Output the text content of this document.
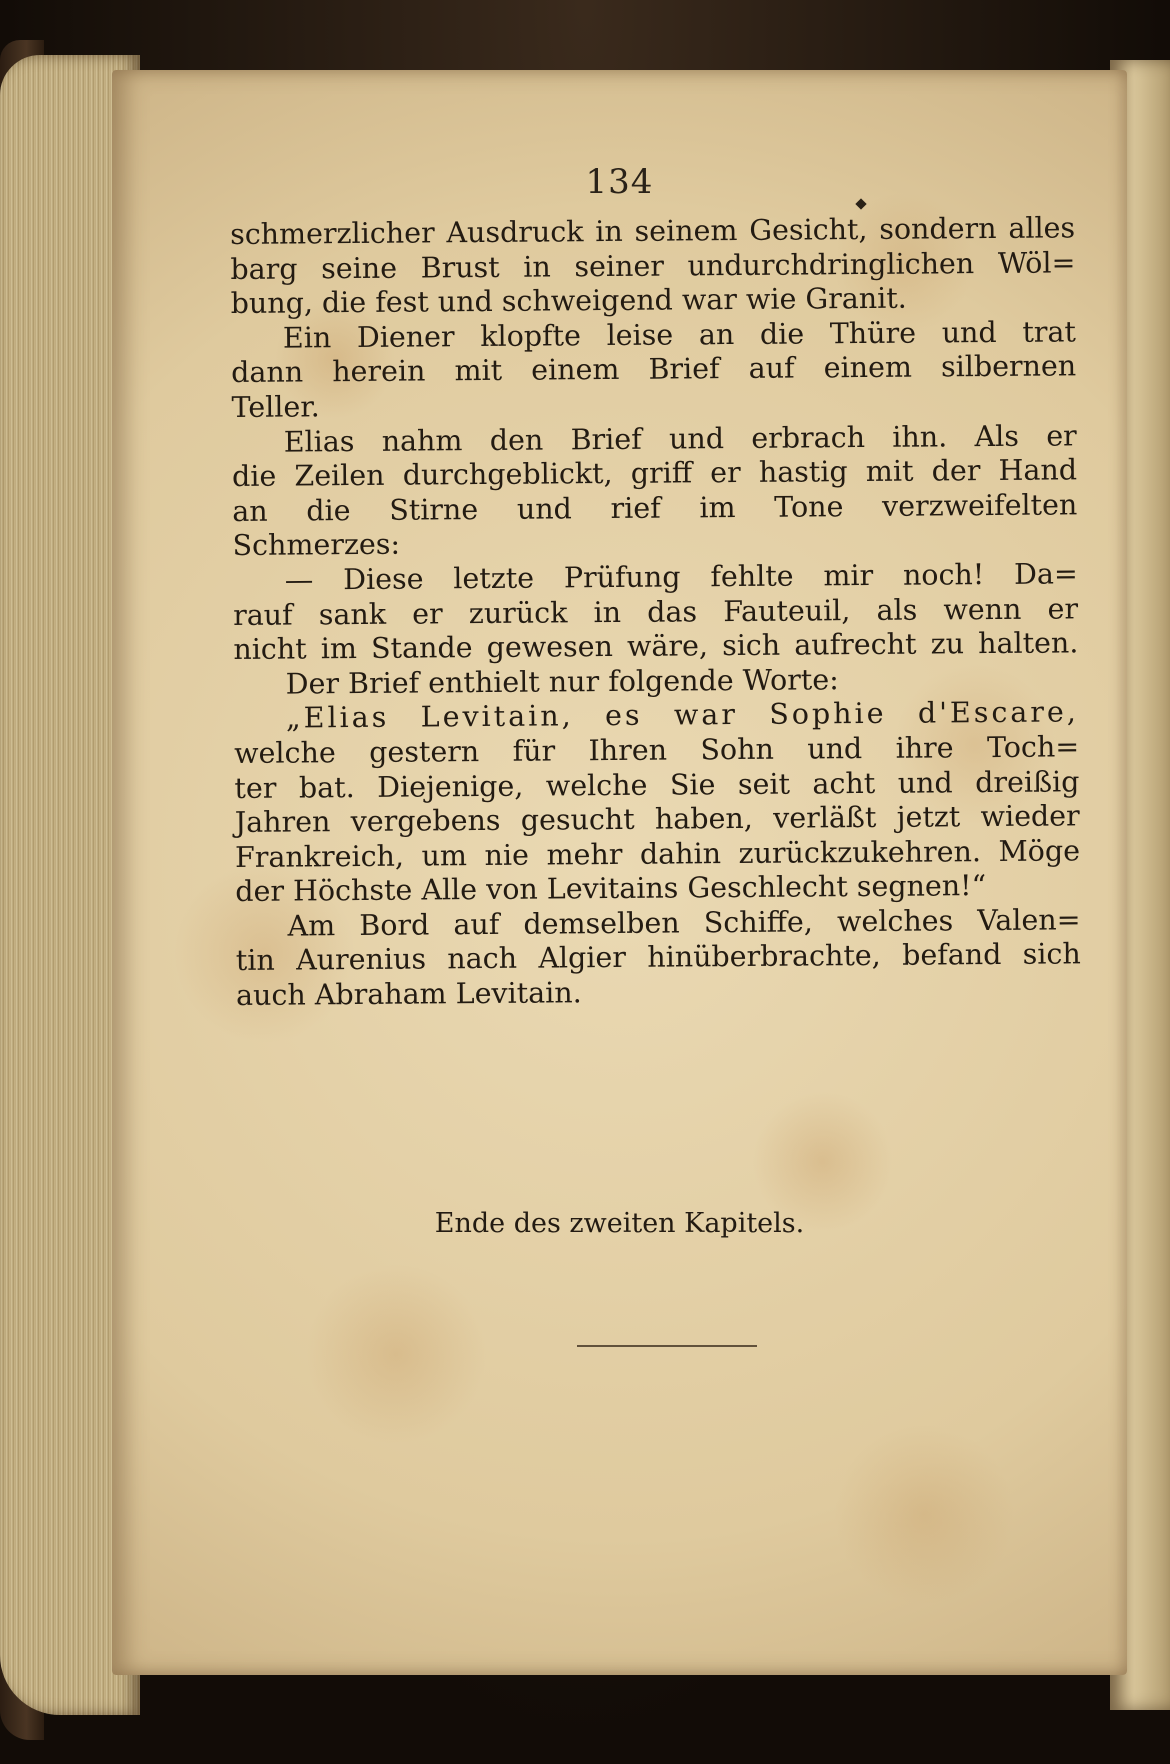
134
schmerzlicher Ausdruck in seinem Gesicht, sondern alles
barg seine Brust in seiner undurchdringlichen Wöl=
bung, die fest und schweigend war wie Granit.
Ein Diener klopfte leise an die Thüre und trat
dann herein mit einem Brief auf einem silbernen
Teller.
Elias nahm den Brief und erbrach ihn. Als er
die Zeilen durchgeblickt, griff er hastig mit der Hand
an die Stirne und rief im Tone verzweifelten
Schmerzes:
— Diese letzte Prüfung fehlte mir noch! Da=
rauf sank er zurück in das Fauteuil, als wenn er
nicht im Stande gewesen wäre, sich aufrecht zu halten.
Der Brief enthielt nur folgende Worte:
„Elias Levitain, es war Sophie d'Escare,
welche gestern für Ihren Sohn und ihre Toch=
ter bat. Diejenige, welche Sie seit acht und dreißig
Jahren vergebens gesucht haben, verläßt jetzt wieder
Frankreich, um nie mehr dahin zurückzukehren. Möge
der Höchste Alle von Levitains Geschlecht segnen!“
Am Bord auf demselben Schiffe, welches Valen=
tin Aurenius nach Algier hinüberbrachte, befand sich
auch Abraham Levitain.
Ende des zweiten Kapitels.
